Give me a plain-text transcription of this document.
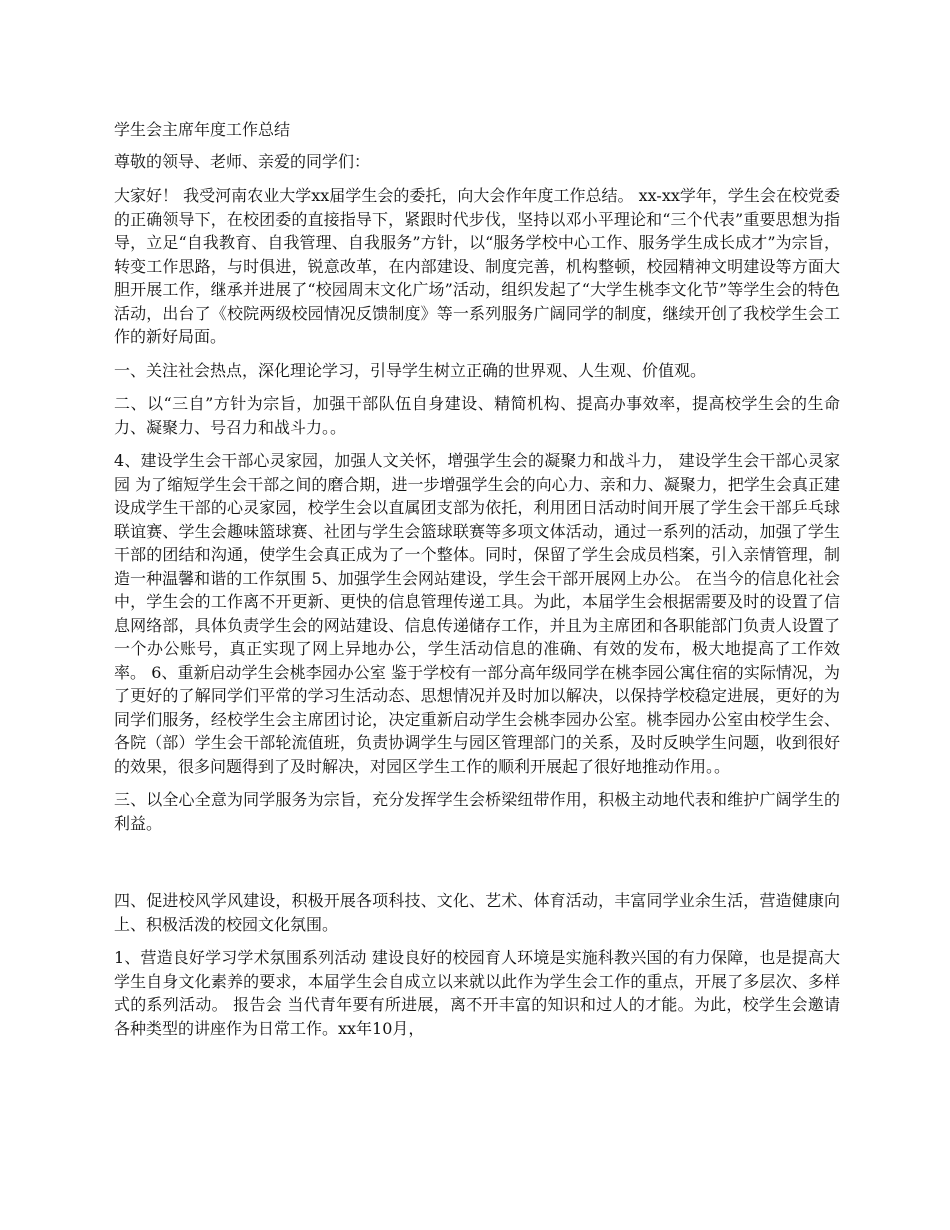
学生会主席年度工作总结

尊敬的领导、老师、亲爱的同学们：

大家好！ 我受河南农业大学xx届学生会的委托，向大会作年度工作总结。 xx-xx学年，学生会在校党委的正确领导下，在校团委的直接指导下，紧跟时代步伐，坚持以邓小平理论和“三个代表”重要思想为指导，立足“自我教育、自我管理、自我服务”方针，以“服务学校中心工作、服务学生成长成才”为宗旨，转变工作思路，与时俱进，锐意改革，在内部建设、制度完善，机构整顿，校园精神文明建设等方面大胆开展工作，继承并进展了“校园周末文化广场”活动，组织发起了“大学生桃李文化节”等学生会的特色活动，出台了《校院两级校园情况反馈制度》等一系列服务广阔同学的制度，继续开创了我校学生会工作的新好局面。

一、关注社会热点，深化理论学习，引导学生树立正确的世界观、人生观、价值观。

二、以“三自”方针为宗旨，加强干部队伍自身建设、精简机构、提高办事效率，提高校学生会的生命力、凝聚力、号召力和战斗力。。

4、建设学生会干部心灵家园，加强人文关怀，增强学生会的凝聚力和战斗力， 建设学生会干部心灵家园 为了缩短学生会干部之间的磨合期，进一步增强学生会的向心力、亲和力、凝聚力，把学生会真正建设成学生干部的心灵家园，校学生会以直属团支部为依托，利用团日活动时间开展了学生会干部乒乓球联谊赛、学生会趣味篮球赛、社团与学生会篮球联赛等多项文体活动，通过一系列的活动，加强了学生干部的团结和沟通，使学生会真正成为了一个整体。同时，保留了学生会成员档案，引入亲情管理，制造一种温馨和谐的工作氛围 5、加强学生会网站建设，学生会干部开展网上办公。 在当今的信息化社会中，学生会的工作离不开更新、更快的信息管理传递工具。为此，本届学生会根据需要及时的设置了信息网络部，具体负责学生会的网站建设、信息传递储存工作，并且为主席团和各职能部门负责人设置了一个办公账号，真正实现了网上异地办公，学生活动信息的准确、有效的发布，极大地提高了工作效率。 6、重新启动学生会桃李园办公室 鉴于学校有一部分高年级同学在桃李园公寓住宿的实际情况，为了更好的了解同学们平常的学习生活动态、思想情况并及时加以解决，以保持学校稳定进展，更好的为同学们服务，经校学生会主席团讨论，决定重新启动学生会桃李园办公室。桃李园办公室由校学生会、各院（部）学生会干部轮流值班，负责协调学生与园区管理部门的关系，及时反映学生问题，收到很好的效果，很多问题得到了及时解决，对园区学生工作的顺利开展起了很好地推动作用。。

三、以全心全意为同学服务为宗旨，充分发挥学生会桥梁纽带作用，积极主动地代表和维护广阔学生的利益。

四、促进校风学风建设，积极开展各项科技、文化、艺术、体育活动，丰富同学业余生活，营造健康向上、积极活泼的校园文化氛围。

1、营造良好学习学术氛围系列活动 建设良好的校园育人环境是实施科教兴国的有力保障，也是提高大学生自身文化素养的要求，本届学生会自成立以来就以此作为学生会工作的重点，开展了多层次、多样式的系列活动。 报告会 当代青年要有所进展，离不开丰富的知识和过人的才能。为此，校学生会邀请各种类型的讲座作为日常工作。xx年10月，
